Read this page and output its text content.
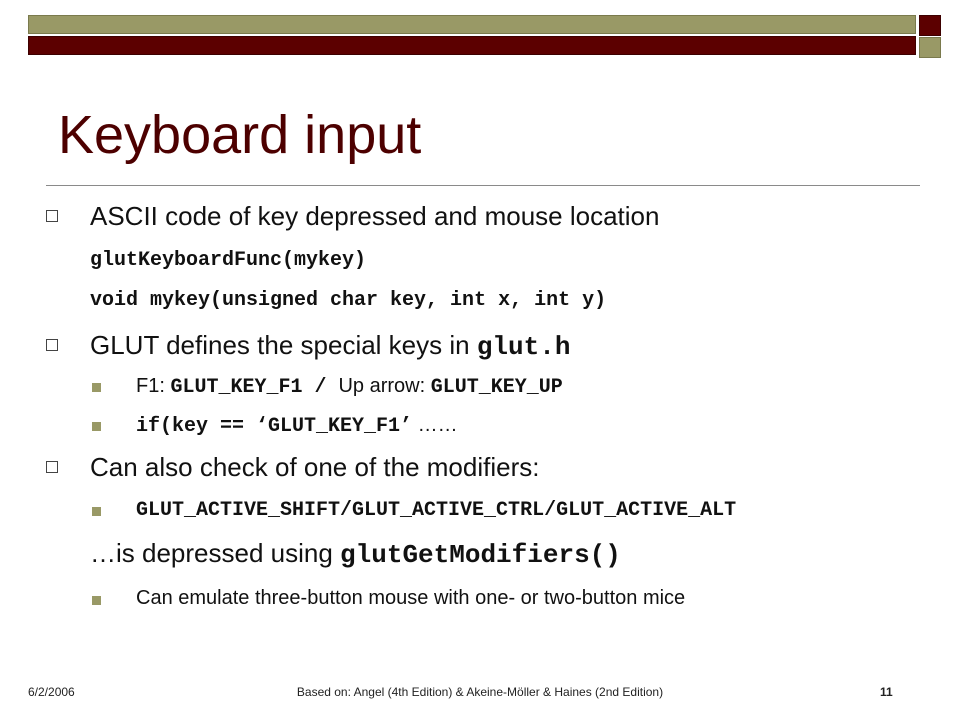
Keyboard input
ASCII code of key depressed and mouse location
glutKeyboardFunc(mykey)
void mykey(unsigned char key, int x, int y)
GLUT defines the special keys in glut.h
F1: GLUT_KEY_F1 / Up arrow: GLUT_KEY_UP
if(key == ‘GLUT_KEY_F1’ ……
Can also check of one of the modifiers:
GLUT_ACTIVE_SHIFT/GLUT_ACTIVE_CTRL/GLUT_ACTIVE_ALT
…is depressed using glutGetModifiers()
Can emulate three-button mouse with one- or two-button mice
6/2/2006	Based on: Angel (4th Edition) & Akeine-Möller & Haines (2nd Edition)	11
